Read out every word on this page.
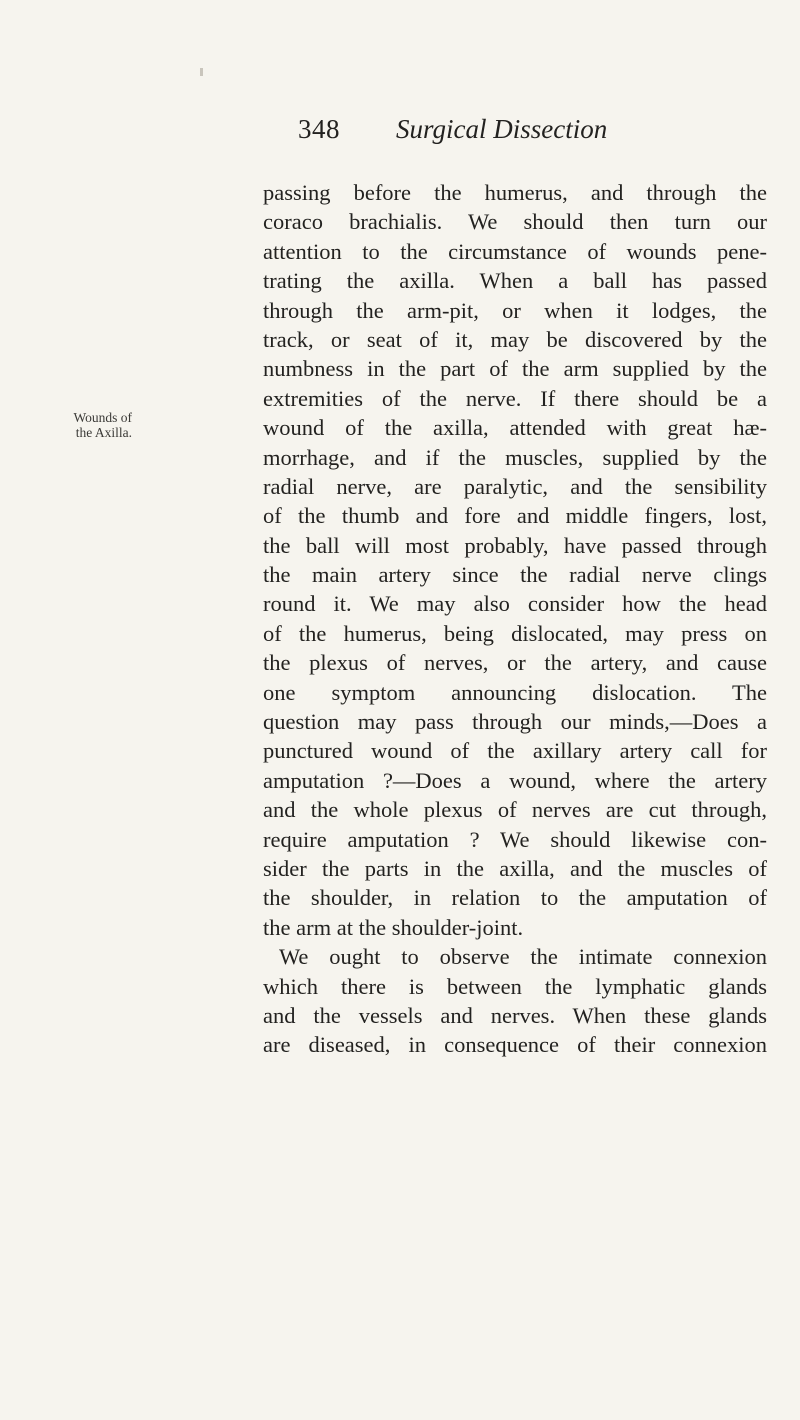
348 Surgical Dissection
Wounds of
the Axilla.
passing before the humerus, and through the
coraco brachialis. We should then turn our
attention to the circumstance of wounds pene-
trating the axilla. When a ball has passed
through the arm-pit, or when it lodges, the
track, or seat of it, may be discovered by the
numbness in the part of the arm supplied by the
extremities of the nerve. If there should be a
wound of the axilla, attended with great hæ-
morrhage, and if the muscles, supplied by the
radial nerve, are paralytic, and the sensibility
of the thumb and fore and middle fingers, lost,
the ball will most probably, have passed through
the main artery since the radial nerve clings
round it. We may also consider how the head
of the humerus, being dislocated, may press on
the plexus of nerves, or the artery, and cause
one symptom announcing dislocation. The
question may pass through our minds,—Does a
punctured wound of the axillary artery call for
amputation ?—Does a wound, where the artery
and the whole plexus of nerves are cut through,
require amputation ? We should likewise con-
sider the parts in the axilla, and the muscles of
the shoulder, in relation to the amputation of
the arm at the shoulder-joint.
We ought to observe the intimate connexion
which there is between the lymphatic glands
and the vessels and nerves. When these glands
are diseased, in consequence of their connexion
